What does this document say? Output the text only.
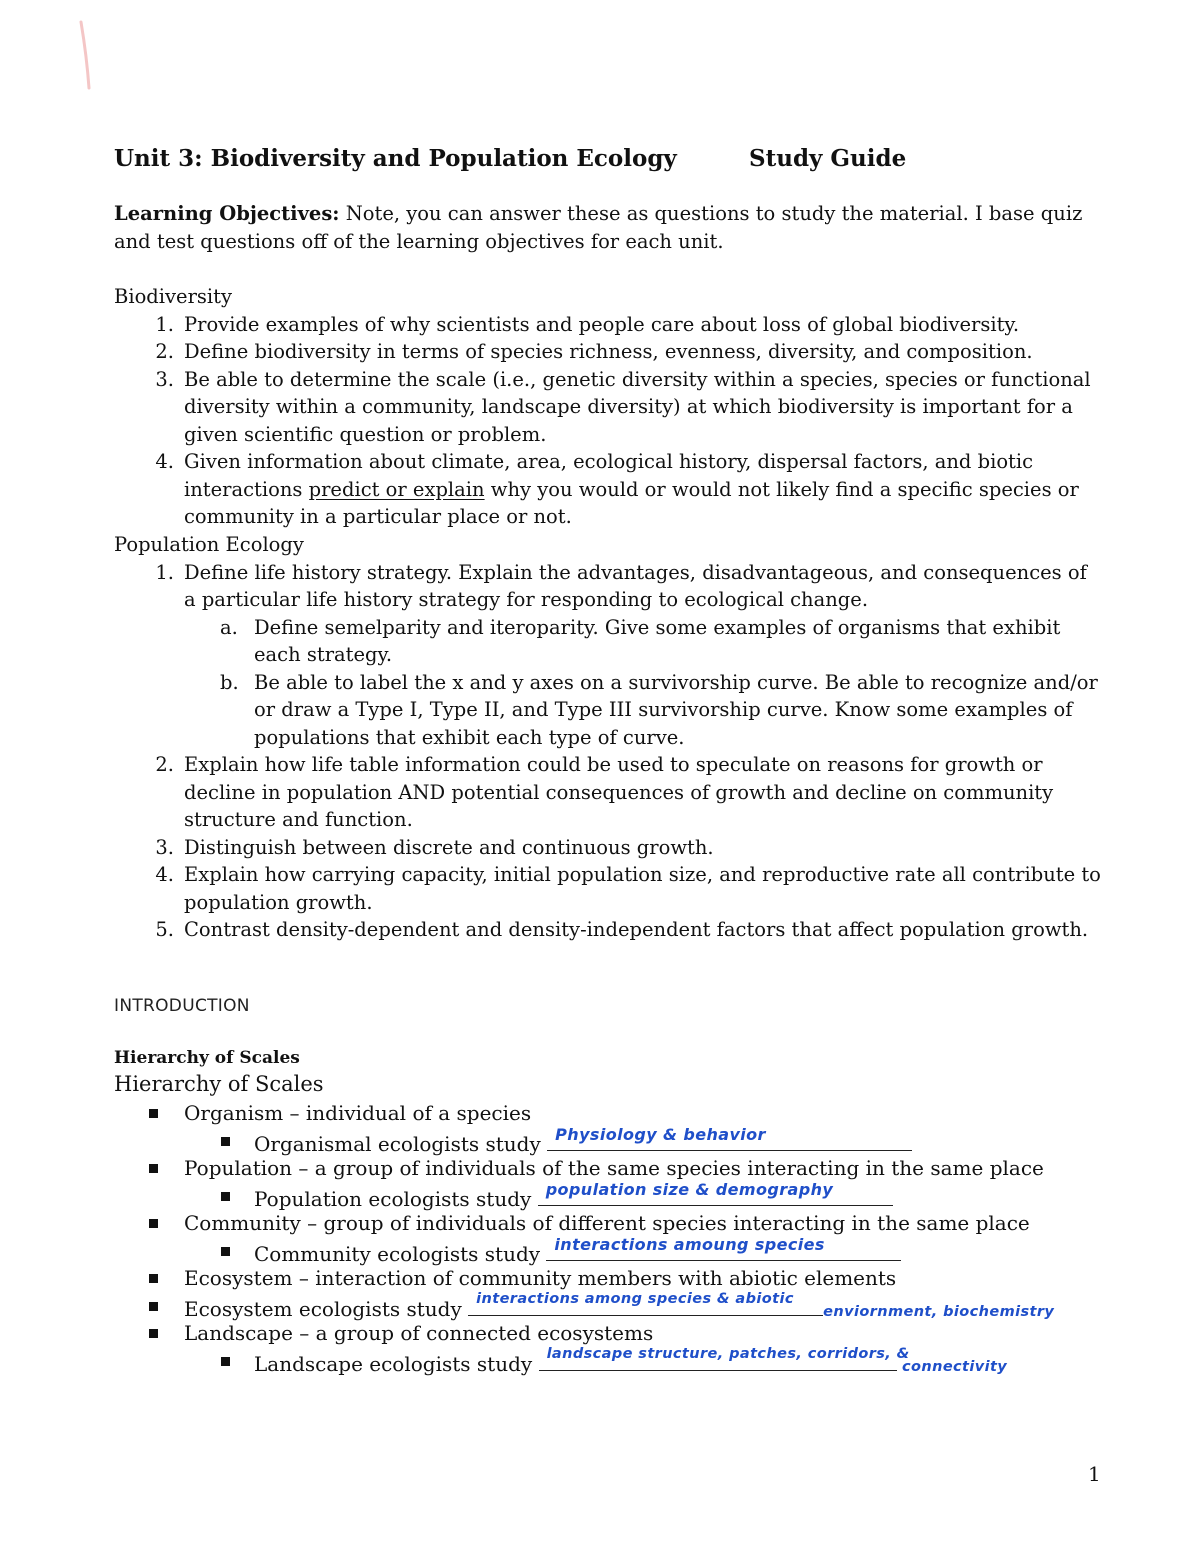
Unit 3: Biodiversity and Population Ecology	Study Guide
Learning Objectives: Note, you can answer these as questions to study the material. I base quiz and test questions off of the learning objectives for each unit.
Biodiversity
1. Provide examples of why scientists and people care about loss of global biodiversity.
2. Define biodiversity in terms of species richness, evenness, diversity, and composition.
3. Be able to determine the scale (i.e., genetic diversity within a species, species or functional diversity within a community, landscape diversity) at which biodiversity is important for a given scientific question or problem.
4. Given information about climate, area, ecological history, dispersal factors, and biotic interactions predict or explain why you would or would not likely find a specific species or community in a particular place or not.
Population Ecology
1. Define life history strategy. Explain the advantages, disadvantageous, and consequences of a particular life history strategy for responding to ecological change.
a. Define semelparity and iteroparity. Give some examples of organisms that exhibit each strategy.
b. Be able to label the x and y axes on a survivorship curve. Be able to recognize and/or or draw a Type I, Type II, and Type III survivorship curve. Know some examples of populations that exhibit each type of curve.
2. Explain how life table information could be used to speculate on reasons for growth or decline in population AND potential consequences of growth and decline on community structure and function.
3. Distinguish between discrete and continuous growth.
4. Explain how carrying capacity, initial population size, and reproductive rate all contribute to population growth.
5. Contrast density-dependent and density-independent factors that affect population growth.
INTRODUCTION
Hierarchy of Scales
Hierarchy of Scales
Organism – individual of a species
Organismal ecologists study Physiology & behavior
Population – a group of individuals of the same species interacting in the same place
Population ecologists study population size & demography
Community – group of individuals of different species interacting in the same place
Community ecologists study interactions amoung species
Ecosystem – interaction of community members with abiotic elements
Ecosystem ecologists study interactions among species & abiotic
enviornment, biochemistry
Landscape – a group of connected ecosystems
Landscape ecologists study landscape structure, patches, corridors, &
connectivity
1
